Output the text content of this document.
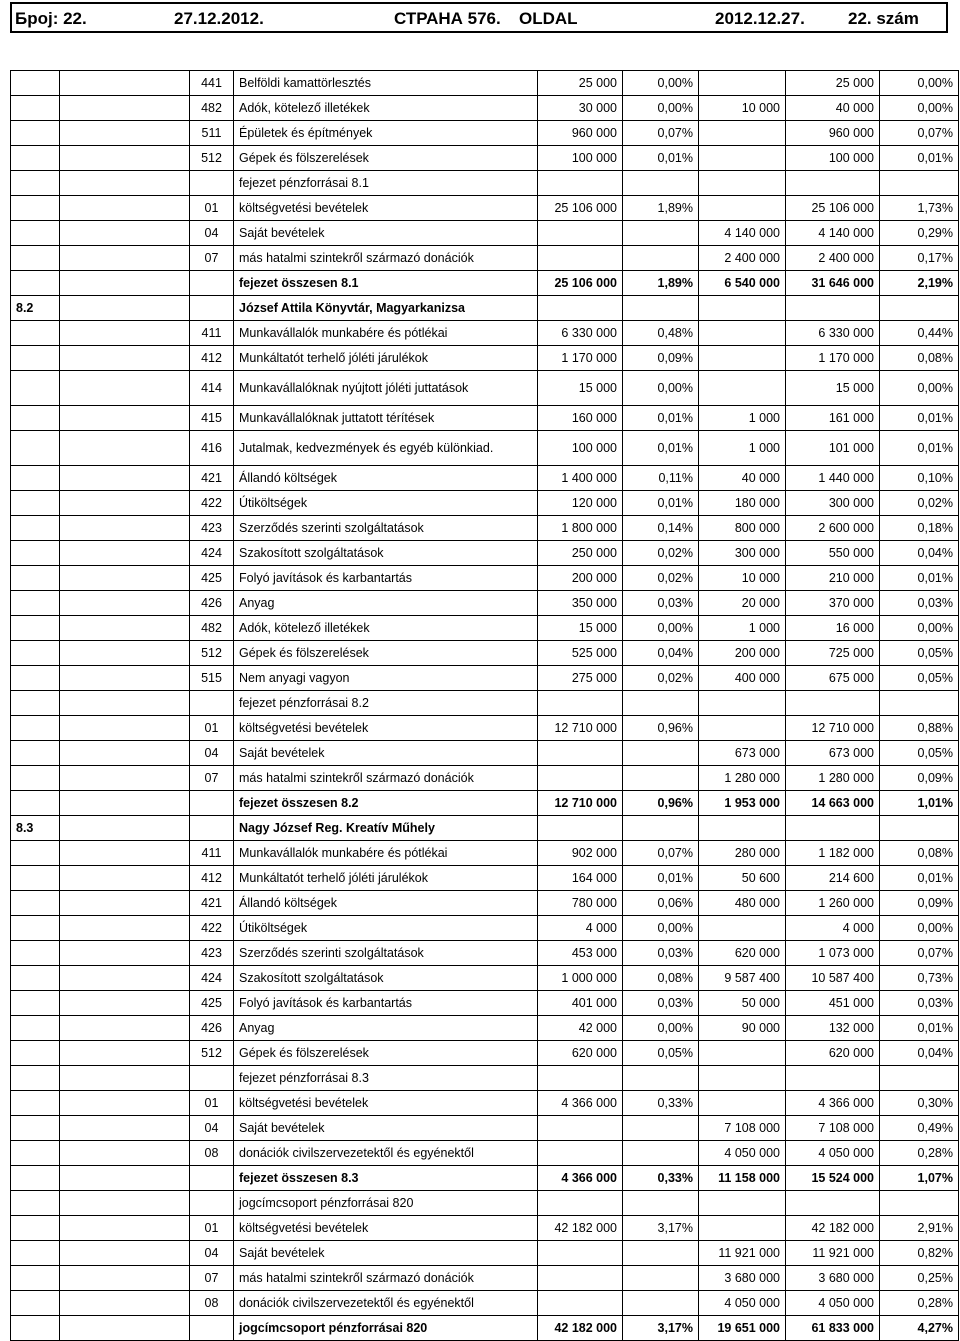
Број: 22.	27.12.2012.	СТРАНА 576. OLDAL	2012.12.27.	22. szám
		441	Belföldi kamattörlesztés	25 000	0,00%		25 000	0,00%
		482	Adók, kötelező illetékek	30 000	0,00%	10 000	40 000	0,00%
		511	Épületek és építmények	960 000	0,07%		960 000	0,07%
		512	Gépek és fölszerelések	100 000	0,01%		100 000	0,01%
			fejezet pénzforrásai 8.1					
		01	költségvetési bevételek	25 106 000	1,89%		25 106 000	1,73%
		04	Saját bevételek			4 140 000	4 140 000	0,29%
		07	más hatalmi szintekről származó donációk			2 400 000	2 400 000	0,17%
			fejezet összesen 8.1	25 106 000	1,89%	6 540 000	31 646 000	2,19%
8.2			József Attila Könyvtár, Magyarkanizsa					
		411	Munkavállalók munkabére és pótlékai	6 330 000	0,48%		6 330 000	0,44%
		412	Munkáltatót terhelő jóléti járulékok	1 170 000	0,09%		1 170 000	0,08%
		414	Munkavállalóknak nyújtott jóléti juttatások	15 000	0,00%		15 000	0,00%
		415	Munkavállalóknak juttatott térítések	160 000	0,01%	1 000	161 000	0,01%
		416	Jutalmak, kedvezmények és egyéb különkiad.	100 000	0,01%	1 000	101 000	0,01%
		421	Állandó költségek	1 400 000	0,11%	40 000	1 440 000	0,10%
		422	Útiköltségek	120 000	0,01%	180 000	300 000	0,02%
		423	Szerződés szerinti szolgáltatások	1 800 000	0,14%	800 000	2 600 000	0,18%
		424	Szakosított szolgáltatások	250 000	0,02%	300 000	550 000	0,04%
		425	Folyó javítások és karbantartás	200 000	0,02%	10 000	210 000	0,01%
		426	Anyag	350 000	0,03%	20 000	370 000	0,03%
		482	Adók, kötelező illetékek	15 000	0,00%	1 000	16 000	0,00%
		512	Gépek és fölszerelések	525 000	0,04%	200 000	725 000	0,05%
		515	Nem anyagi vagyon	275 000	0,02%	400 000	675 000	0,05%
			fejezet pénzforrásai 8.2					
		01	költségvetési bevételek	12 710 000	0,96%		12 710 000	0,88%
		04	Saját bevételek			673 000	673 000	0,05%
		07	más hatalmi szintekről származó donációk			1 280 000	1 280 000	0,09%
			fejezet összesen 8.2	12 710 000	0,96%	1 953 000	14 663 000	1,01%
8.3			Nagy József Reg. Kreatív Műhely					
		411	Munkavállalók munkabére és pótlékai	902 000	0,07%	280 000	1 182 000	0,08%
		412	Munkáltatót terhelő jóléti járulékok	164 000	0,01%	50 600	214 600	0,01%
		421	Állandó költségek	780 000	0,06%	480 000	1 260 000	0,09%
		422	Útiköltségek	4 000	0,00%		4 000	0,00%
		423	Szerződés szerinti szolgáltatások	453 000	0,03%	620 000	1 073 000	0,07%
		424	Szakosított szolgáltatások	1 000 000	0,08%	9 587 400	10 587 400	0,73%
		425	Folyó javítások és karbantartás	401 000	0,03%	50 000	451 000	0,03%
		426	Anyag	42 000	0,00%	90 000	132 000	0,01%
		512	Gépek és fölszerelések	620 000	0,05%		620 000	0,04%
			fejezet pénzforrásai 8.3					
		01	költségvetési bevételek	4 366 000	0,33%		4 366 000	0,30%
		04	Saját bevételek			7 108 000	7 108 000	0,49%
		08	donációk civilszervezetektől és egyénektől			4 050 000	4 050 000	0,28%
			fejezet összesen 8.3	4 366 000	0,33%	11 158 000	15 524 000	1,07%
			jogcímcsoport pénzforrásai 820					
		01	költségvetési bevételek	42 182 000	3,17%		42 182 000	2,91%
		04	Saját bevételek			11 921 000	11 921 000	0,82%
		07	más hatalmi szintekről származó donációk			3 680 000	3 680 000	0,25%
		08	donációk civilszervezetektől és egyénektől			4 050 000	4 050 000	0,28%
			jogcímcsoport pénzforrásai 820	42 182 000	3,17%	19 651 000	61 833 000	4,27%
